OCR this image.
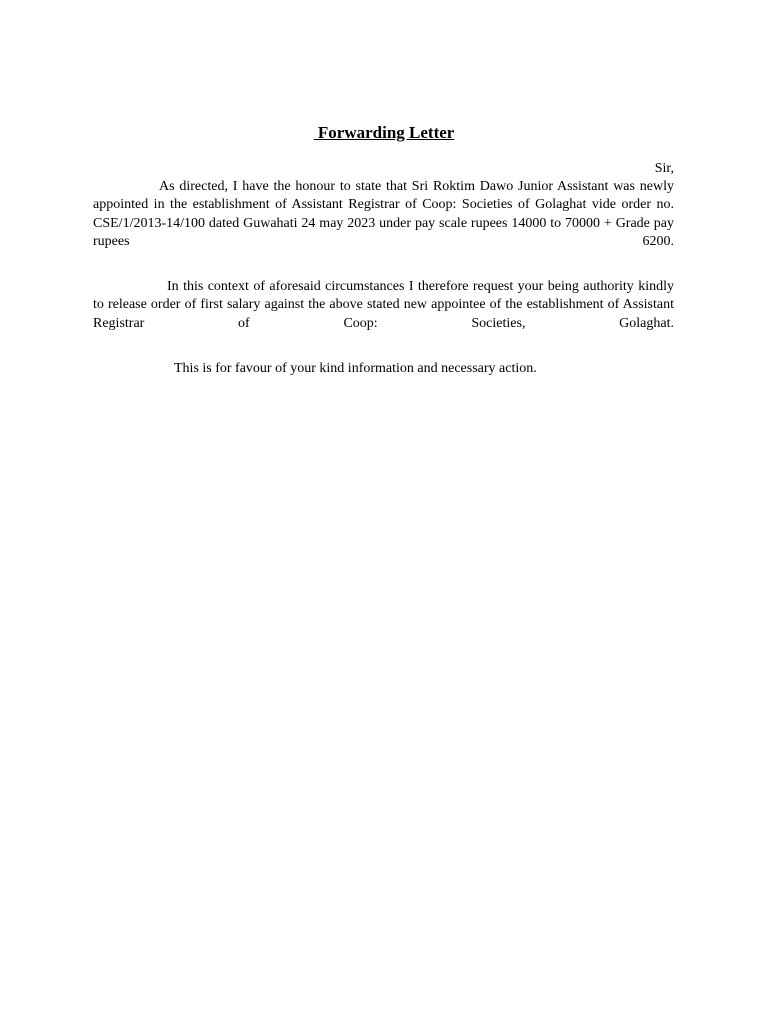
Forwarding Letter

Sir,

As directed, I have the honour to state that Sri Roktim Dawo Junior Assistant was newly appointed in the establishment of Assistant Registrar of Coop: Societies of Golaghat vide order no. CSE/1/2013-14/100 dated Guwahati 24 may 2023 under pay scale rupees 14000 to 70000 + Grade pay rupees 6200.

In this context of aforesaid circumstances I therefore request your being authority kindly to release order of first salary against the above stated new appointee of the establishment of Assistant Registrar of Coop: Societies, Golaghat.

This is for favour of your kind information and necessary action.
